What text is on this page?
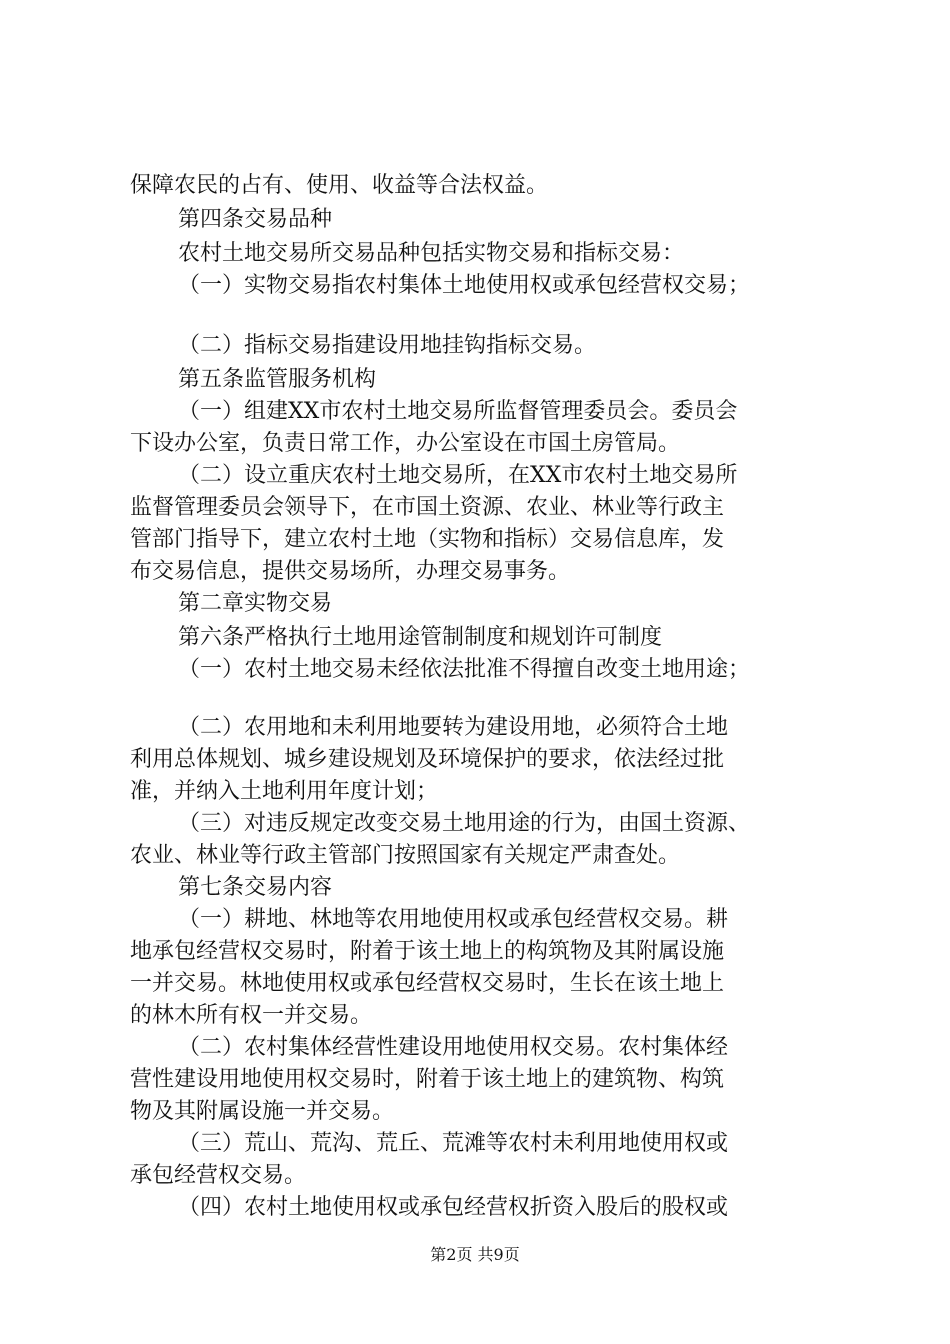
保障农民的占有、使用、收益等合法权益。
第四条交易品种
农村土地交易所交易品种包括实物交易和指标交易：
（一）实物交易指农村集体土地使用权或承包经营权交易；
（二）指标交易指建设用地挂钩指标交易。
第五条监管服务机构
（一）组建XX市农村土地交易所监督管理委员会。委员会
下设办公室，负责日常工作，办公室设在市国土房管局。
（二）设立重庆农村土地交易所，在XX市农村土地交易所
监督管理委员会领导下，在市国土资源、农业、林业等行政主
管部门指导下，建立农村土地（实物和指标）交易信息库，发
布交易信息，提供交易场所，办理交易事务。
第二章实物交易
第六条严格执行土地用途管制制度和规划许可制度
（一）农村土地交易未经依法批准不得擅自改变土地用途；
（二）农用地和未利用地要转为建设用地，必须符合土地
利用总体规划、城乡建设规划及环境保护的要求，依法经过批
准，并纳入土地利用年度计划；
（三）对违反规定改变交易土地用途的行为，由国土资源、
农业、林业等行政主管部门按照国家有关规定严肃查处。
第七条交易内容
（一）耕地、林地等农用地使用权或承包经营权交易。耕
地承包经营权交易时，附着于该土地上的构筑物及其附属设施
一并交易。林地使用权或承包经营权交易时，生长在该土地上
的林木所有权一并交易。
（二）农村集体经营性建设用地使用权交易。农村集体经
营性建设用地使用权交易时，附着于该土地上的建筑物、构筑
物及其附属设施一并交易。
（三）荒山、荒沟、荒丘、荒滩等农村未利用地使用权或
承包经营权交易。
（四）农村土地使用权或承包经营权折资入股后的股权或
第2页 共9页
